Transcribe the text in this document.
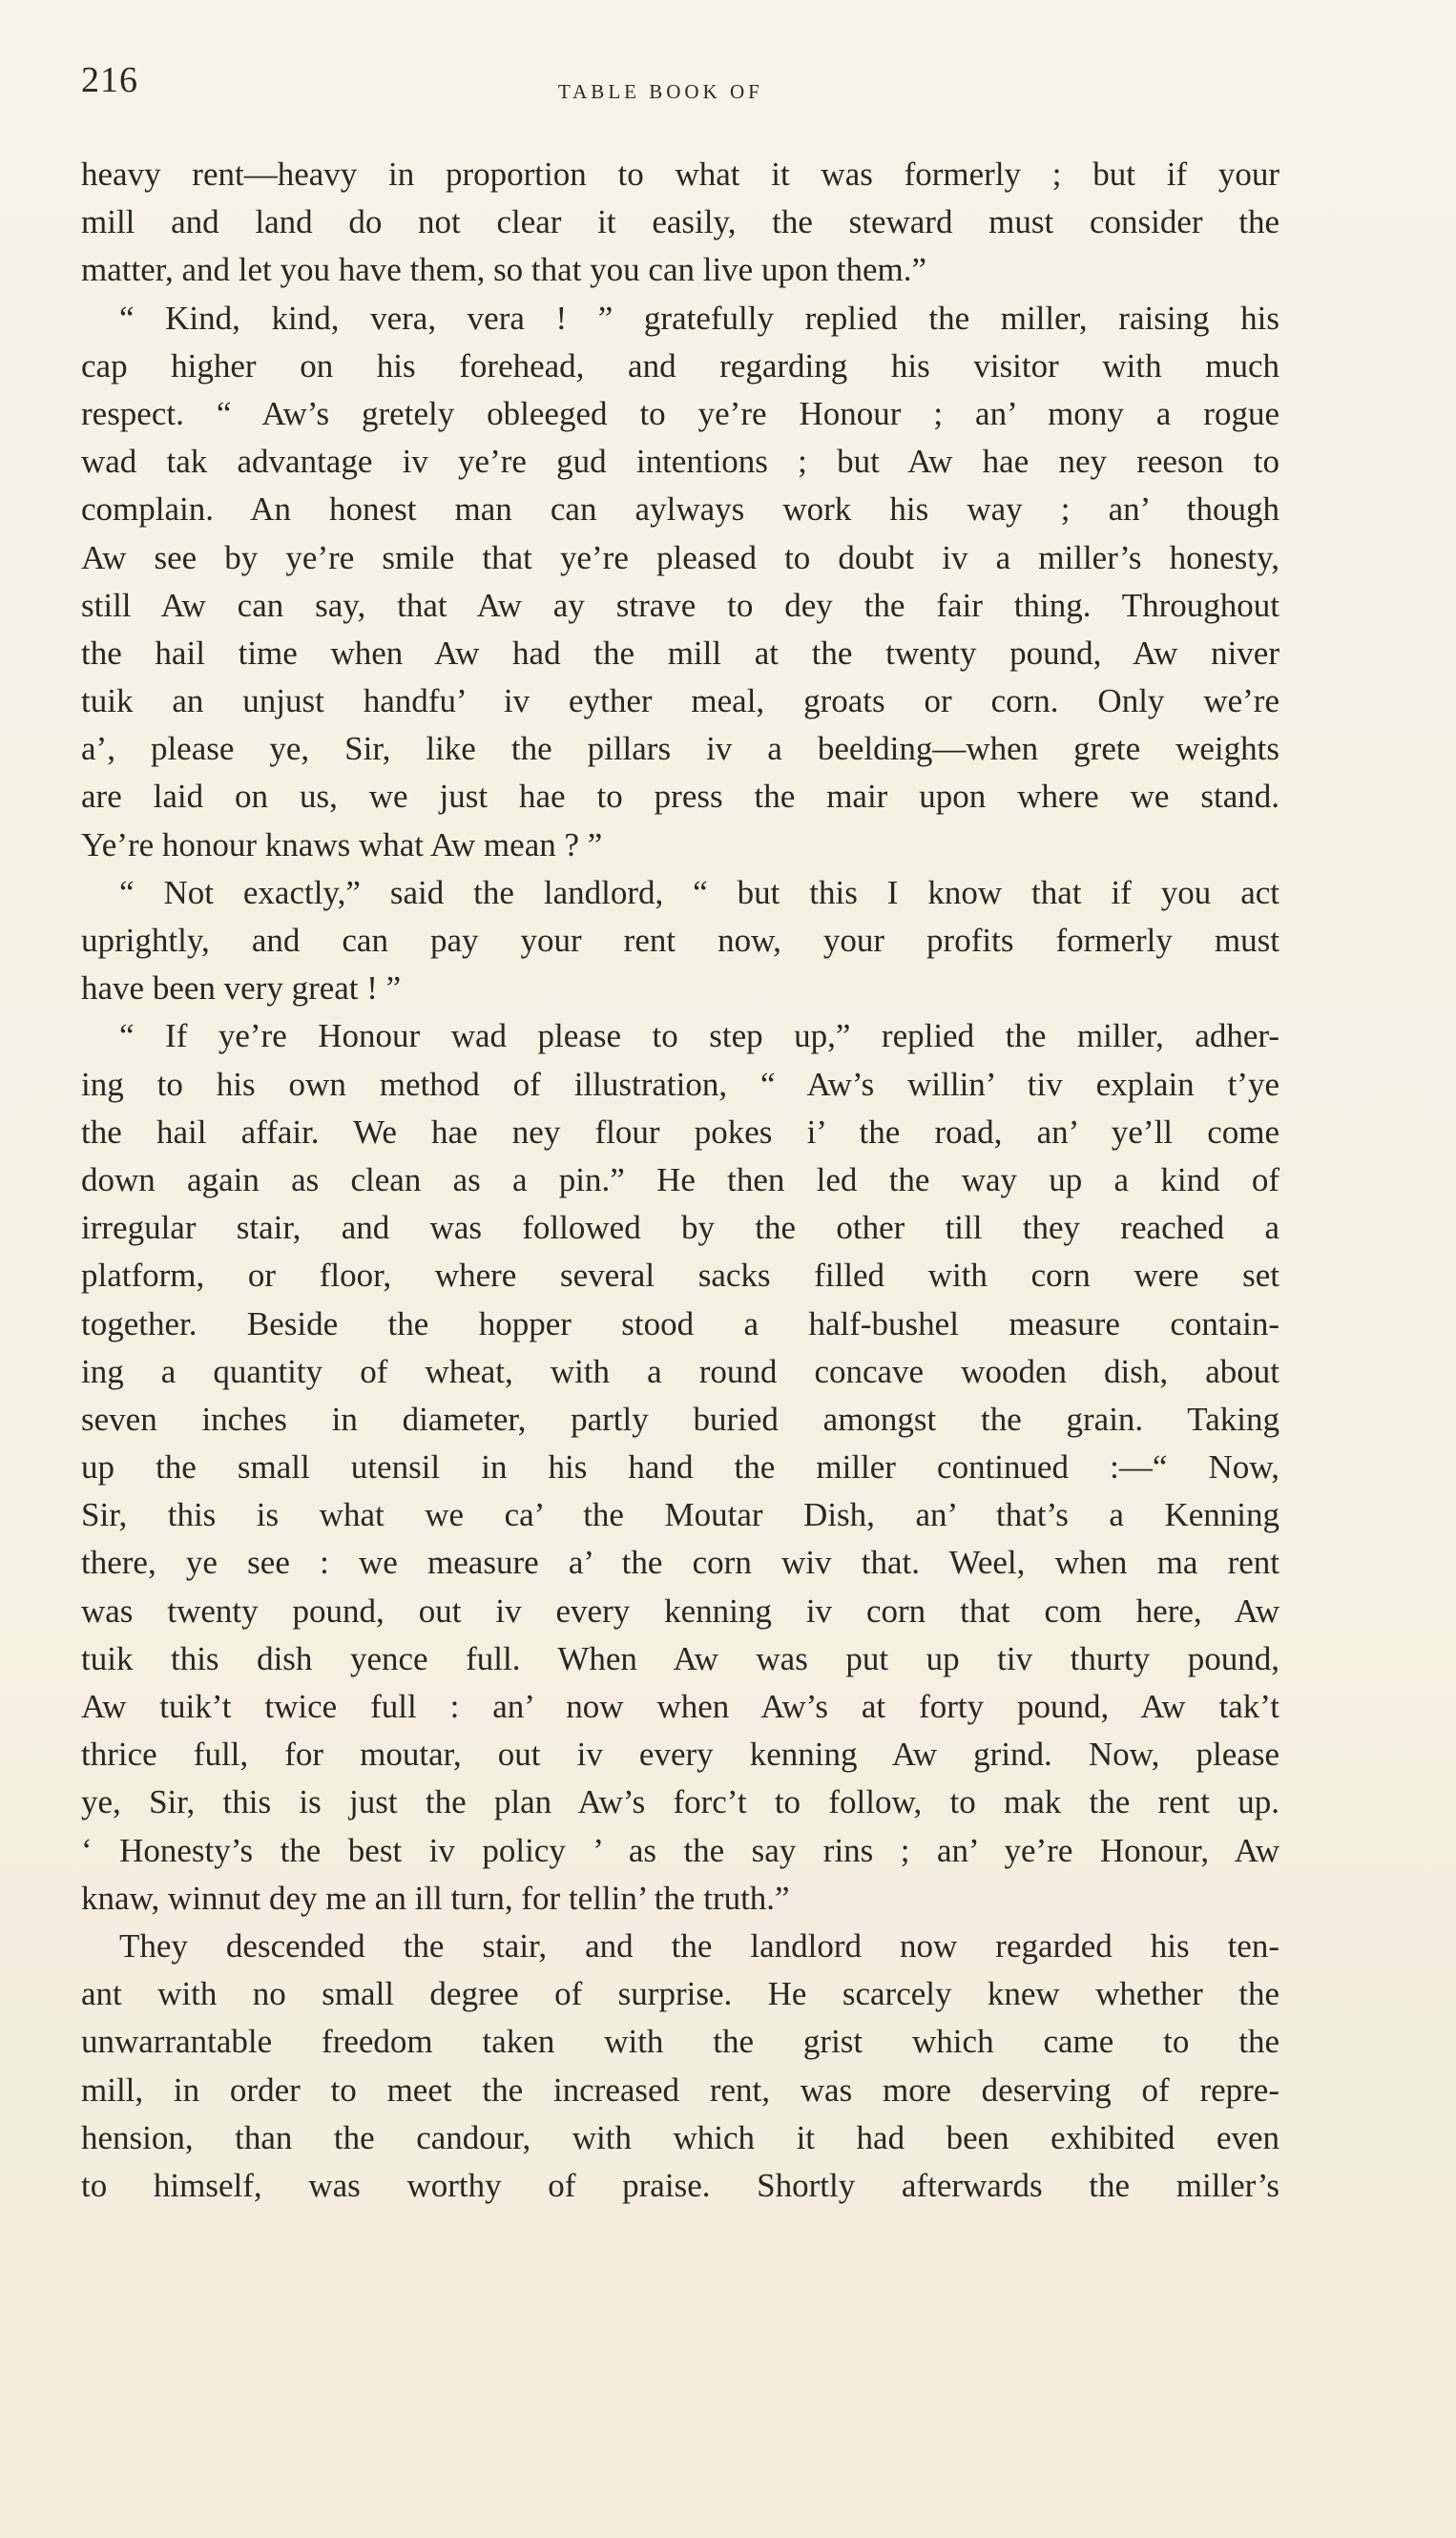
216	TABLE BOOK OF
heavy rent—heavy in proportion to what it was formerly ; but if your
mill and land do not clear it easily, the steward must consider the
matter, and let you have them, so that you can live upon them.”
“ Kind, kind, vera, vera ! ” gratefully replied the miller, raising his
cap higher on his forehead, and regarding his visitor with much
respect. “ Aw’s gretely obleeged to ye’re Honour ; an’ mony a rogue
wad tak advantage iv ye’re gud intentions ; but Aw hae ney reeson to
complain. An honest man can aylways work his way ; an’ though
Aw see by ye’re smile that ye’re pleased to doubt iv a miller’s honesty,
still Aw can say, that Aw ay strave to dey the fair thing. Throughout
the hail time when Aw had the mill at the twenty pound, Aw niver
tuik an unjust handfu’ iv eyther meal, groats or corn. Only we’re
a’, please ye, Sir, like the pillars iv a beelding—when grete weights
are laid on us, we just hae to press the mair upon where we stand.
Ye’re honour knaws what Aw mean ? ”
“ Not exactly,” said the landlord, “ but this I know that if you act
uprightly, and can pay your rent now, your profits formerly must
have been very great ! ”
“ If ye’re Honour wad please to step up,” replied the miller, adher-
ing to his own method of illustration, “ Aw’s willin’ tiv explain t’ye
the hail affair. We hae ney flour pokes i’ the road, an’ ye’ll come
down again as clean as a pin.” He then led the way up a kind of
irregular stair, and was followed by the other till they reached a
platform, or floor, where several sacks filled with corn were set
together. Beside the hopper stood a half-bushel measure contain-
ing a quantity of wheat, with a round concave wooden dish, about
seven inches in diameter, partly buried amongst the grain. Taking
up the small utensil in his hand the miller continued :—“ Now,
Sir, this is what we ca’ the Moutar Dish, an’ that’s a Kenning
there, ye see : we measure a’ the corn wiv that. Weel, when ma rent
was twenty pound, out iv every kenning iv corn that com here, Aw
tuik this dish yence full. When Aw was put up tiv thurty pound,
Aw tuik’t twice full : an’ now when Aw’s at forty pound, Aw tak’t
thrice full, for moutar, out iv every kenning Aw grind. Now, please
ye, Sir, this is just the plan Aw’s forc’t to follow, to mak the rent up.
‘ Honesty’s the best iv policy ’ as the say rins ; an’ ye’re Honour, Aw
knaw, winnut dey me an ill turn, for tellin’ the truth.”
They descended the stair, and the landlord now regarded his ten-
ant with no small degree of surprise. He scarcely knew whether the
unwarrantable freedom taken with the grist which came to the
mill, in order to meet the increased rent, was more deserving of repre-
hension, than the candour, with which it had been exhibited even
to himself, was worthy of praise. Shortly afterwards the miller’s
